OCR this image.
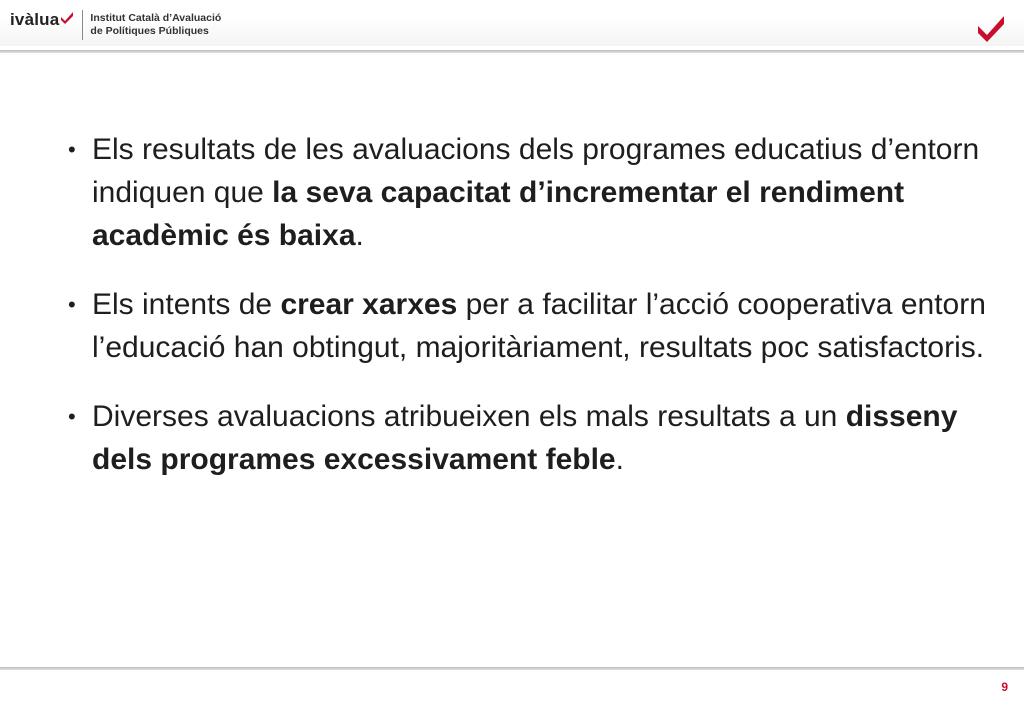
ivàlua	Institut Català d’Avaluació
de Polítiques Públiques
• Els resultats de les avaluacions dels programes educatius d’entorn indiquen que la seva capacitat d’incrementar el rendiment acadèmic és baixa.
• Els intents de crear xarxes per a facilitar l’acció cooperativa entorn l’educació han obtingut, majoritàriament, resultats poc satisfactoris.
• Diverses avaluacions atribueixen els mals resultats a un disseny dels programes excessivament feble.
9
